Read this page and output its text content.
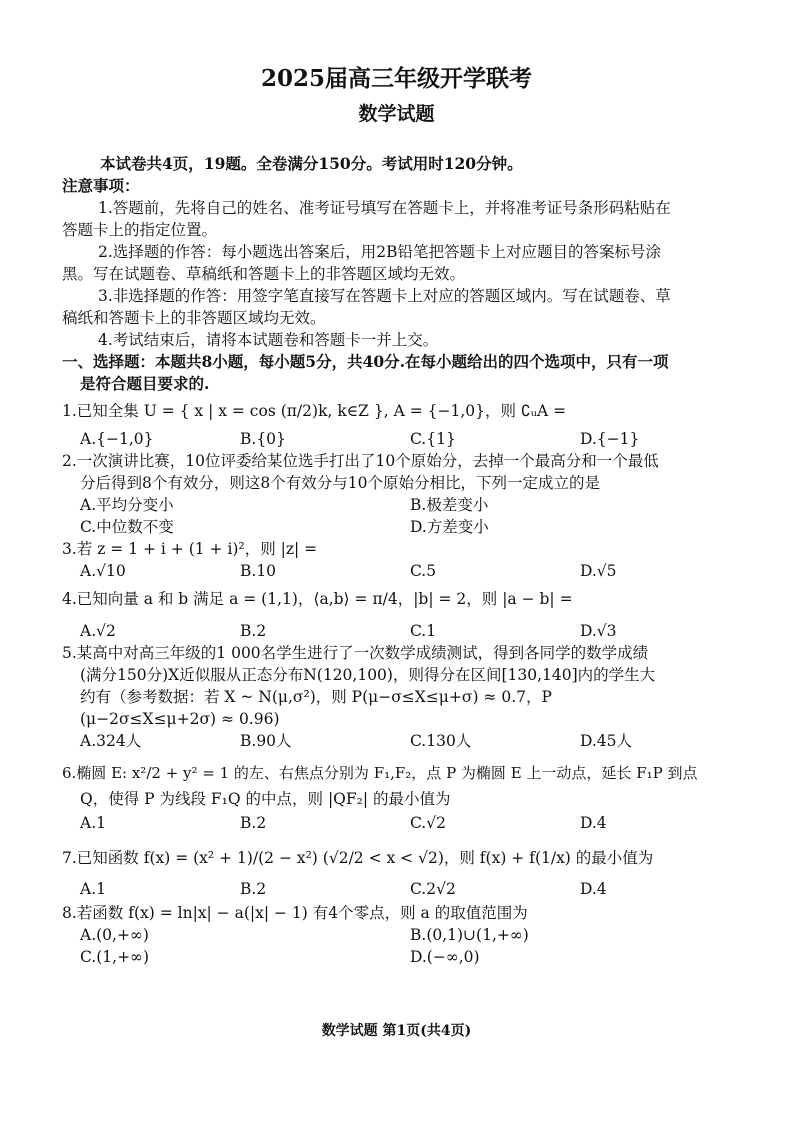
2025届高三年级开学联考
数学试题
本试卷共4页，19题。全卷满分150分。考试用时120分钟。
注意事项：
1.答题前，先将自己的姓名、准考证号填写在答题卡上，并将准考证号条形码粘贴在
答题卡上的指定位置。
2.选择题的作答：每小题选出答案后，用2B铅笔把答题卡上对应题目的答案标号涂
黑。写在试题卷、草稿纸和答题卡上的非答题区域均无效。
3.非选择题的作答：用签字笔直接写在答题卡上对应的答题区域内。写在试题卷、草
稿纸和答题卡上的非答题区域均无效。
4.考试结束后，请将本试题卷和答题卡一并上交。
一、选择题：本题共8小题，每小题5分，共40分.在每小题给出的四个选项中，只有一项
是符合题目要求的.
1.已知全集 U = { x | x = cos (π/2)k, k∈Z }, A = {−1,0}，则 ∁ᵤA =
A.{−1,0}	B.{0}	C.{1}	D.{−1}
2.一次演讲比赛，10位评委给某位选手打出了10个原始分，去掉一个最高分和一个最低
分后得到8个有效分，则这8个有效分与10个原始分相比，下列一定成立的是
A.平均分变小	B.极差变小
C.中位数不变	D.方差变小
3.若 z = 1 + i + (1 + i)²，则 |z| =
A.√10	B.10	C.5	D.√5
4.已知向量 a 和 b 满足 a = (1,1)，⟨a,b⟩ = π/4，|b| = 2，则 |a − b| =
A.√2	B.2	C.1	D.√3
5.某高中对高三年级的1 000名学生进行了一次数学成绩测试，得到各同学的数学成绩
(满分150分)X近似服从正态分布N(120,100)，则得分在区间[130,140]内的学生大
约有（参考数据：若 X ~ N(μ,σ²)，则 P(μ−σ≤X≤μ+σ) ≈ 0.7，P
(μ−2σ≤X≤μ+2σ) ≈ 0.96)
A.324人	B.90人	C.130人	D.45人
6.椭圆 E: x²/2 + y² = 1 的左、右焦点分别为 F₁,F₂，点 P 为椭圆 E 上一动点，延长 F₁P 到点
Q，使得 P 为线段 F₁Q 的中点，则 |QF₂| 的最小值为
A.1	B.2	C.√2	D.4
7.已知函数 f(x) = (x² + 1)/(2 − x²) (√2/2 < x < √2)，则 f(x) + f(1/x) 的最小值为
A.1	B.2	C.2√2	D.4
8.若函数 f(x) = ln|x| − a(|x| − 1) 有4个零点，则 a 的取值范围为
A.(0,+∞)	B.(0,1)∪(1,+∞)
C.(1,+∞)	D.(−∞,0)
数学试题 第1页(共4页)
